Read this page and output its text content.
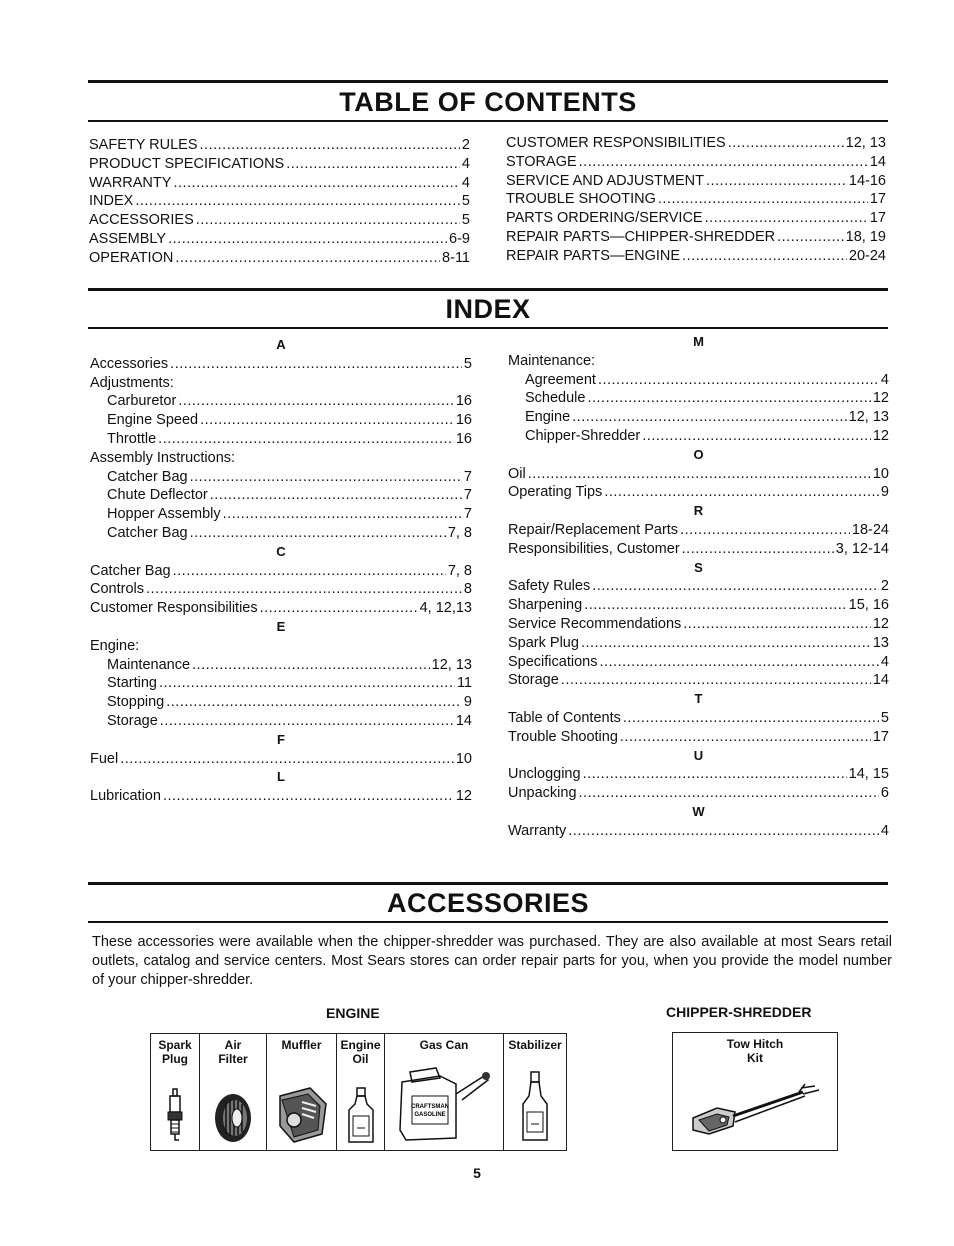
TABLE OF CONTENTS
SAFETY RULES .....	2
PRODUCT SPECIFICATIONS .....	4
WARRANTY .....	4
INDEX .....	5
ACCESSORIES .....	5
ASSEMBLY .....	6-9
OPERATION .....	8-11
CUSTOMER RESPONSIBILITIES .....	12, 13
STORAGE .....	14
SERVICE AND ADJUSTMENT .....	14-16
TROUBLE SHOOTING .....	17
PARTS ORDERING/SERVICE .....	17
REPAIR PARTS—CHIPPER-SHREDDER .....	18, 19
REPAIR PARTS—ENGINE .....	20-24
INDEX
A
Accessories .....	5
Adjustments:
Carburetor .....	16
Engine Speed .....	16
Throttle .....	16
Assembly Instructions:
Catcher Bag .....	7
Chute Deflector .....	7
Hopper Assembly .....	7
Catcher Bag .....	7, 8
C
Catcher Bag .....	7, 8
Controls .....	8
Customer Responsibilities .....	4, 12,13
E
Engine:
Maintenance .....	12, 13
Starting .....	11
Stopping .....	9
Storage .....	14
F
Fuel .....	10
L
Lubrication .....	12
M
Maintenance:
Agreement .....	4
Schedule .....	12
Engine .....	12, 13
Chipper-Shredder .....	12
O
Oil .....	10
Operating Tips .....	9
R
Repair/Replacement Parts .....	18-24
Responsibilities, Customer .....	3, 12-14
S
Safety Rules .....	2
Sharpening .....	15, 16
Service Recommendations .....	12
Spark Plug .....	13
Specifications .....	4
Storage .....	14
T
Table of Contents .....	5
Trouble Shooting .....	17
U
Unclogging .....	14, 15
Unpacking .....	6
W
Warranty .....	4
ACCESSORIES
These accessories were available when the chipper-shredder was purchased. They are also available at most Sears retail outlets, catalog and service centers. Most Sears stores can order repair parts for you, when you provide the model number of your chipper-shredder.
ENGINE	CHIPPER-SHREDDER
Spark
Plug

Air
Filter

Muffler	Engine
Oil

Gas Can
CRAFTSMAN
GASOLINE

Stabilizer	Tow Hitch
Kit
5
